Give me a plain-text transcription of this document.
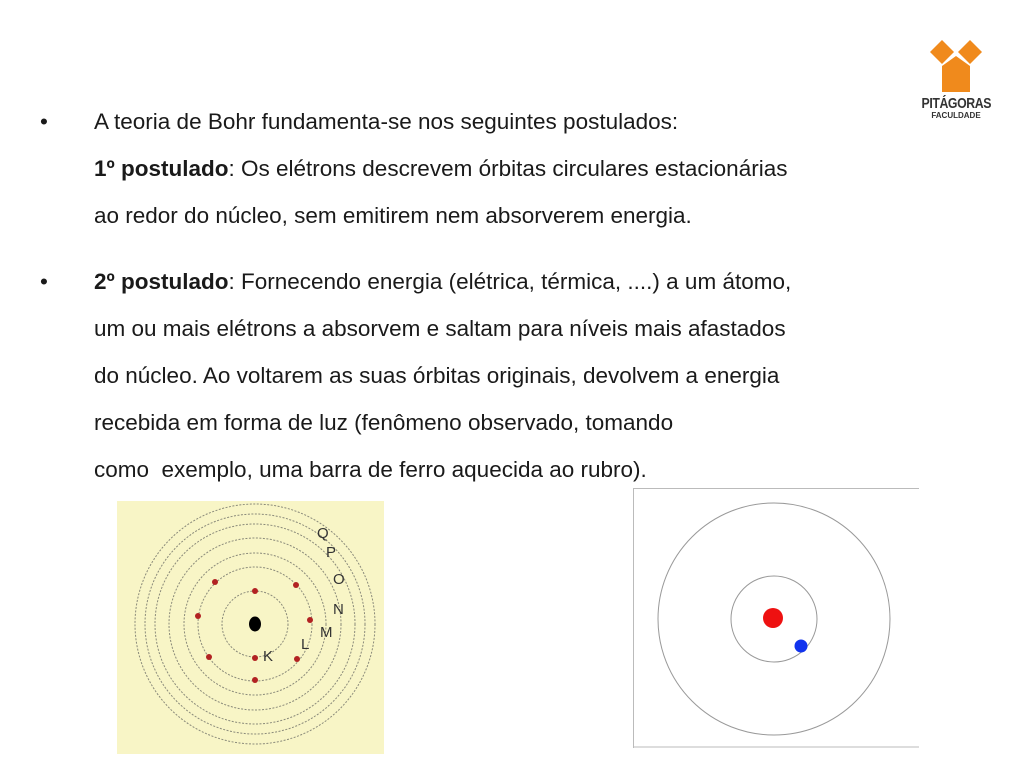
PITÁGORAS
FACULDADE
•	A teoria de Bohr fundamenta-se nos seguintes postulados:
1º postulado: Os elétrons descrevem órbitas circulares estacionárias
ao redor do núcleo, sem emitirem nem absorverem energia.
•	2º postulado: Fornecendo energia (elétrica, térmica, ....) a um átomo,
um ou mais elétrons a absorvem e saltam para níveis mais afastados
do núcleo. Ao voltarem as suas órbitas originais, devolvem a energia
recebida em forma de luz (fenômeno observado, tomando
como  exemplo, uma barra de ferro aquecida ao rubro).
K
L
M
N
O
P
Q
